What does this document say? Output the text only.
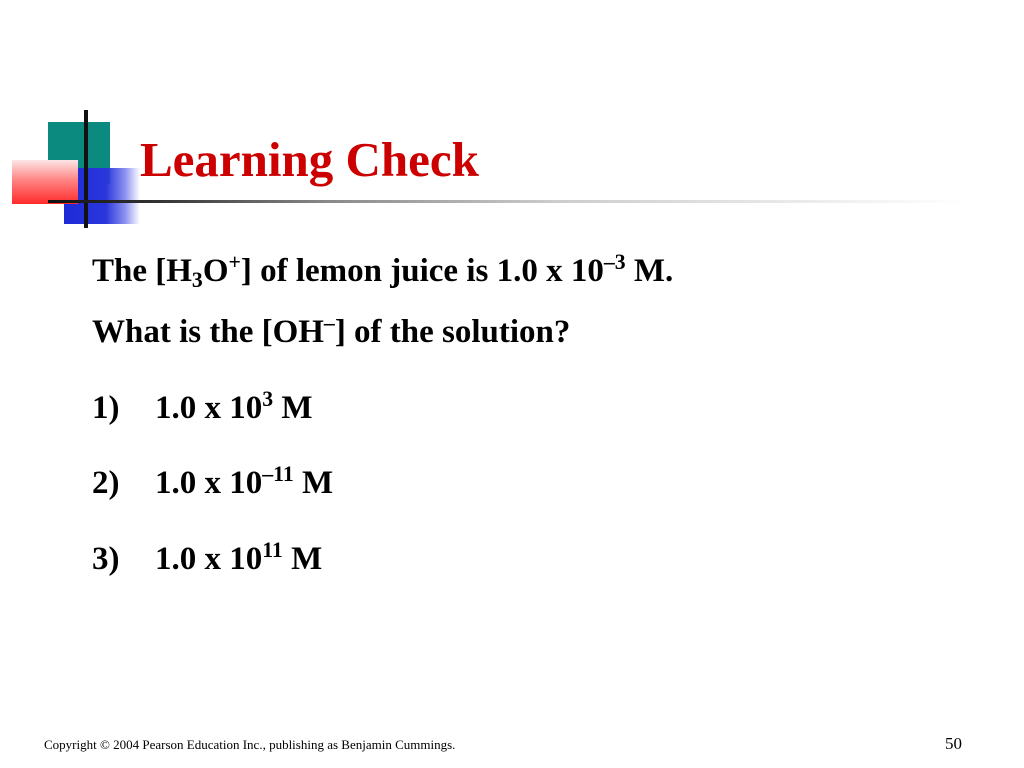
Learning Check
The $[H_3O^+]$ of lemon juice is 1.0 x $10^{-3}$ M.
What is the [OH–] of the solution?
1) 1.0 x $10^3$ M
2) 1.0 x $10^{-11}$ M
3) 1.0 x $10^{11}$ M
Copyright © 2004 Pearson Education Inc., publishing as Benjamin Cummings.	50
